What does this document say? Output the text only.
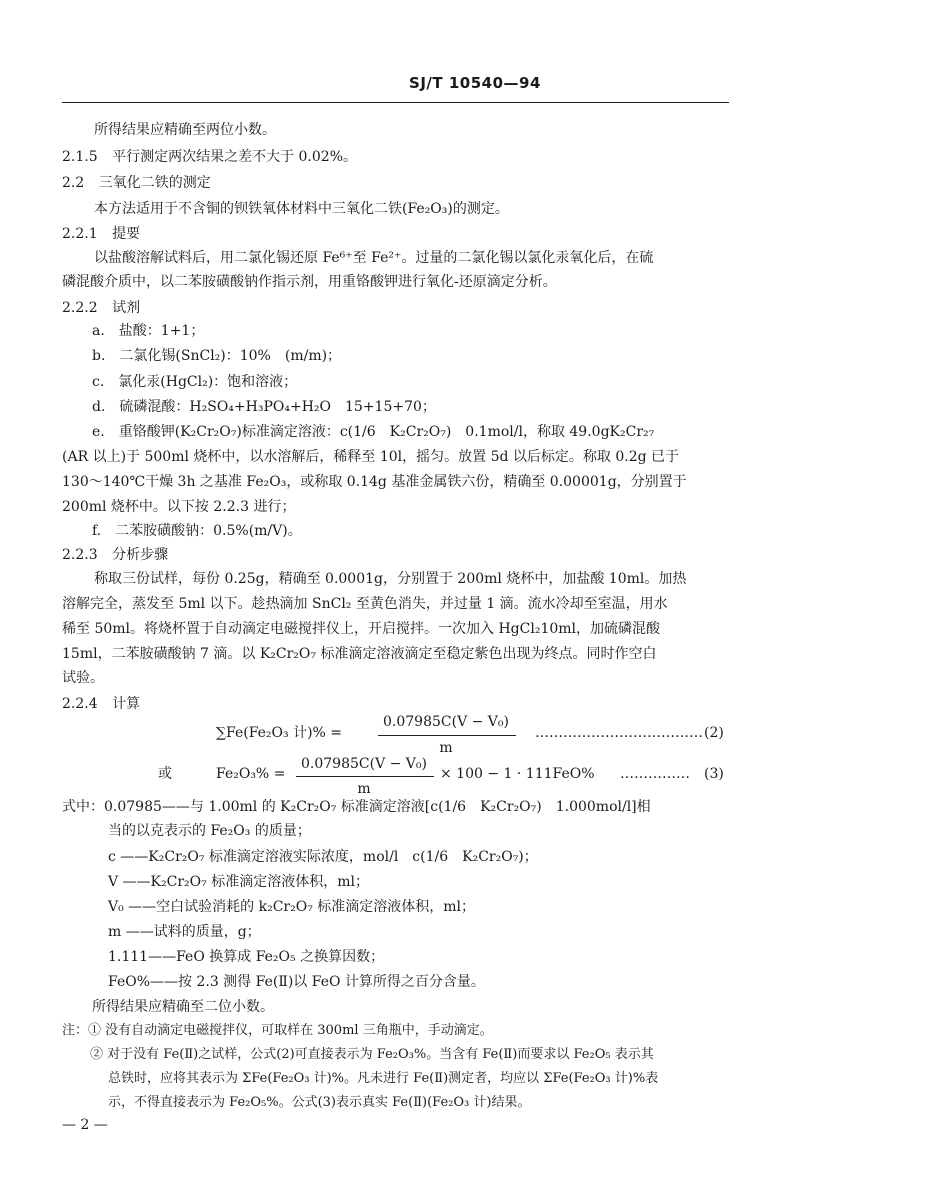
SJ/T 10540—94
所得结果应精确至两位小数。
2.1.5 平行测定两次结果之差不大于 0.02%。
2.2 三氧化二铁的测定
本方法适用于不含铜的钡铁氧体材料中三氧化二铁(Fe₂O₃)的测定。
2.2.1 提要
以盐酸溶解试料后，用二氯化锡还原 Fe⁶⁺至 Fe²⁺。过量的二氯化锡以氯化汞氧化后，在硫
磷混酸介质中，以二苯胺磺酸钠作指示剂，用重铬酸钾进行氧化-还原滴定分析。
2.2.2 试剂
a.　盐酸：1+1；
b.　二氯化锡(SnCl₂)：10%　(m/m)；
c.　氯化汞(HgCl₂)：饱和溶液；
d.　硫磷混酸：H₂SO₄+H₃PO₄+H₂O　15+15+70；
e.　重铬酸钾(K₂Cr₂O₇)标准滴定溶液：c(1/6　K₂Cr₂O₇)　0.1mol/l，称取 49.0gK₂Cr₂₇
(AR 以上)于 500ml 烧杯中，以水溶解后，稀释至 10l，摇匀。放置 5d 以后标定。称取 0.2g 已于
130～140℃干燥 3h 之基准 Fe₂O₃，或称取 0.14g 基准金属铁六份，精确至 0.00001g，分别置于
200ml 烧杯中。以下按 2.2.3 进行；
f.　二苯胺磺酸钠：0.5%(m/V)。
2.2.3 分析步骤
称取三份试样，每份 0.25g，精确至 0.0001g，分别置于 200ml 烧杯中，加盐酸 10ml。加热
溶解完全，蒸发至 5ml 以下。趁热滴加 SnCl₂ 至黄色消失，并过量 1 滴。流水冷却至室温，用水
稀至 50ml。将烧杯置于自动滴定电磁搅拌仪上，开启搅拌。一次加入 HgCl₂10ml，加硫磷混酸
15ml，二苯胺磺酸钠 7 滴。以 K₂Cr₂O₇ 标准滴定溶液滴定至稳定紫色出现为终点。同时作空白
试验。
2.2.4 计算
∑Fe(Fe₂O₃ 计)% =
0.07985C(V − V₀)
m
……………………………… (2)
或	Fe₂O₃% =
0.07985C(V − V₀)
m
× 100 − 1 · 111FeO% …………… (3)
式中：0.07985——与 1.00ml 的 K₂Cr₂O₇ 标准滴定溶液[c(1/6　K₂Cr₂O₇)　1.000mol/l]相
当的以克表示的 Fe₂O₃ 的质量；
c ——K₂Cr₂O₇ 标准滴定溶液实际浓度，mol/l　c(1/6　K₂Cr₂O₇)；
V ——K₂Cr₂O₇ 标准滴定溶液体积，ml；
V₀ ——空白试验消耗的 k₂Cr₂O₇ 标准滴定溶液体积，ml；
m ——试料的质量，g；
1.111——FeO 换算成 Fe₂O₅ 之换算因数；
FeO%——按 2.3 测得 Fe(Ⅱ)以 FeO 计算所得之百分含量。
所得结果应精确至二位小数。
注：① 没有自动滴定电磁搅拌仪，可取样在 300ml 三角瓶中，手动滴定。
② 对于没有 Fe(Ⅱ)之试样，公式(2)可直接表示为 Fe₂O₃%。当含有 Fe(Ⅱ)而要求以 Fe₂O₅ 表示其
总铁时，应将其表示为 ΣFe(Fe₂O₃ 计)%。凡未进行 Fe(Ⅱ)测定者，均应以 ΣFe(Fe₂O₃ 计)%表
示，不得直接表示为 Fe₂O₅%。公式(3)表示真实 Fe(Ⅱ)(Fe₂O₃ 计)结果。
— 2 —
